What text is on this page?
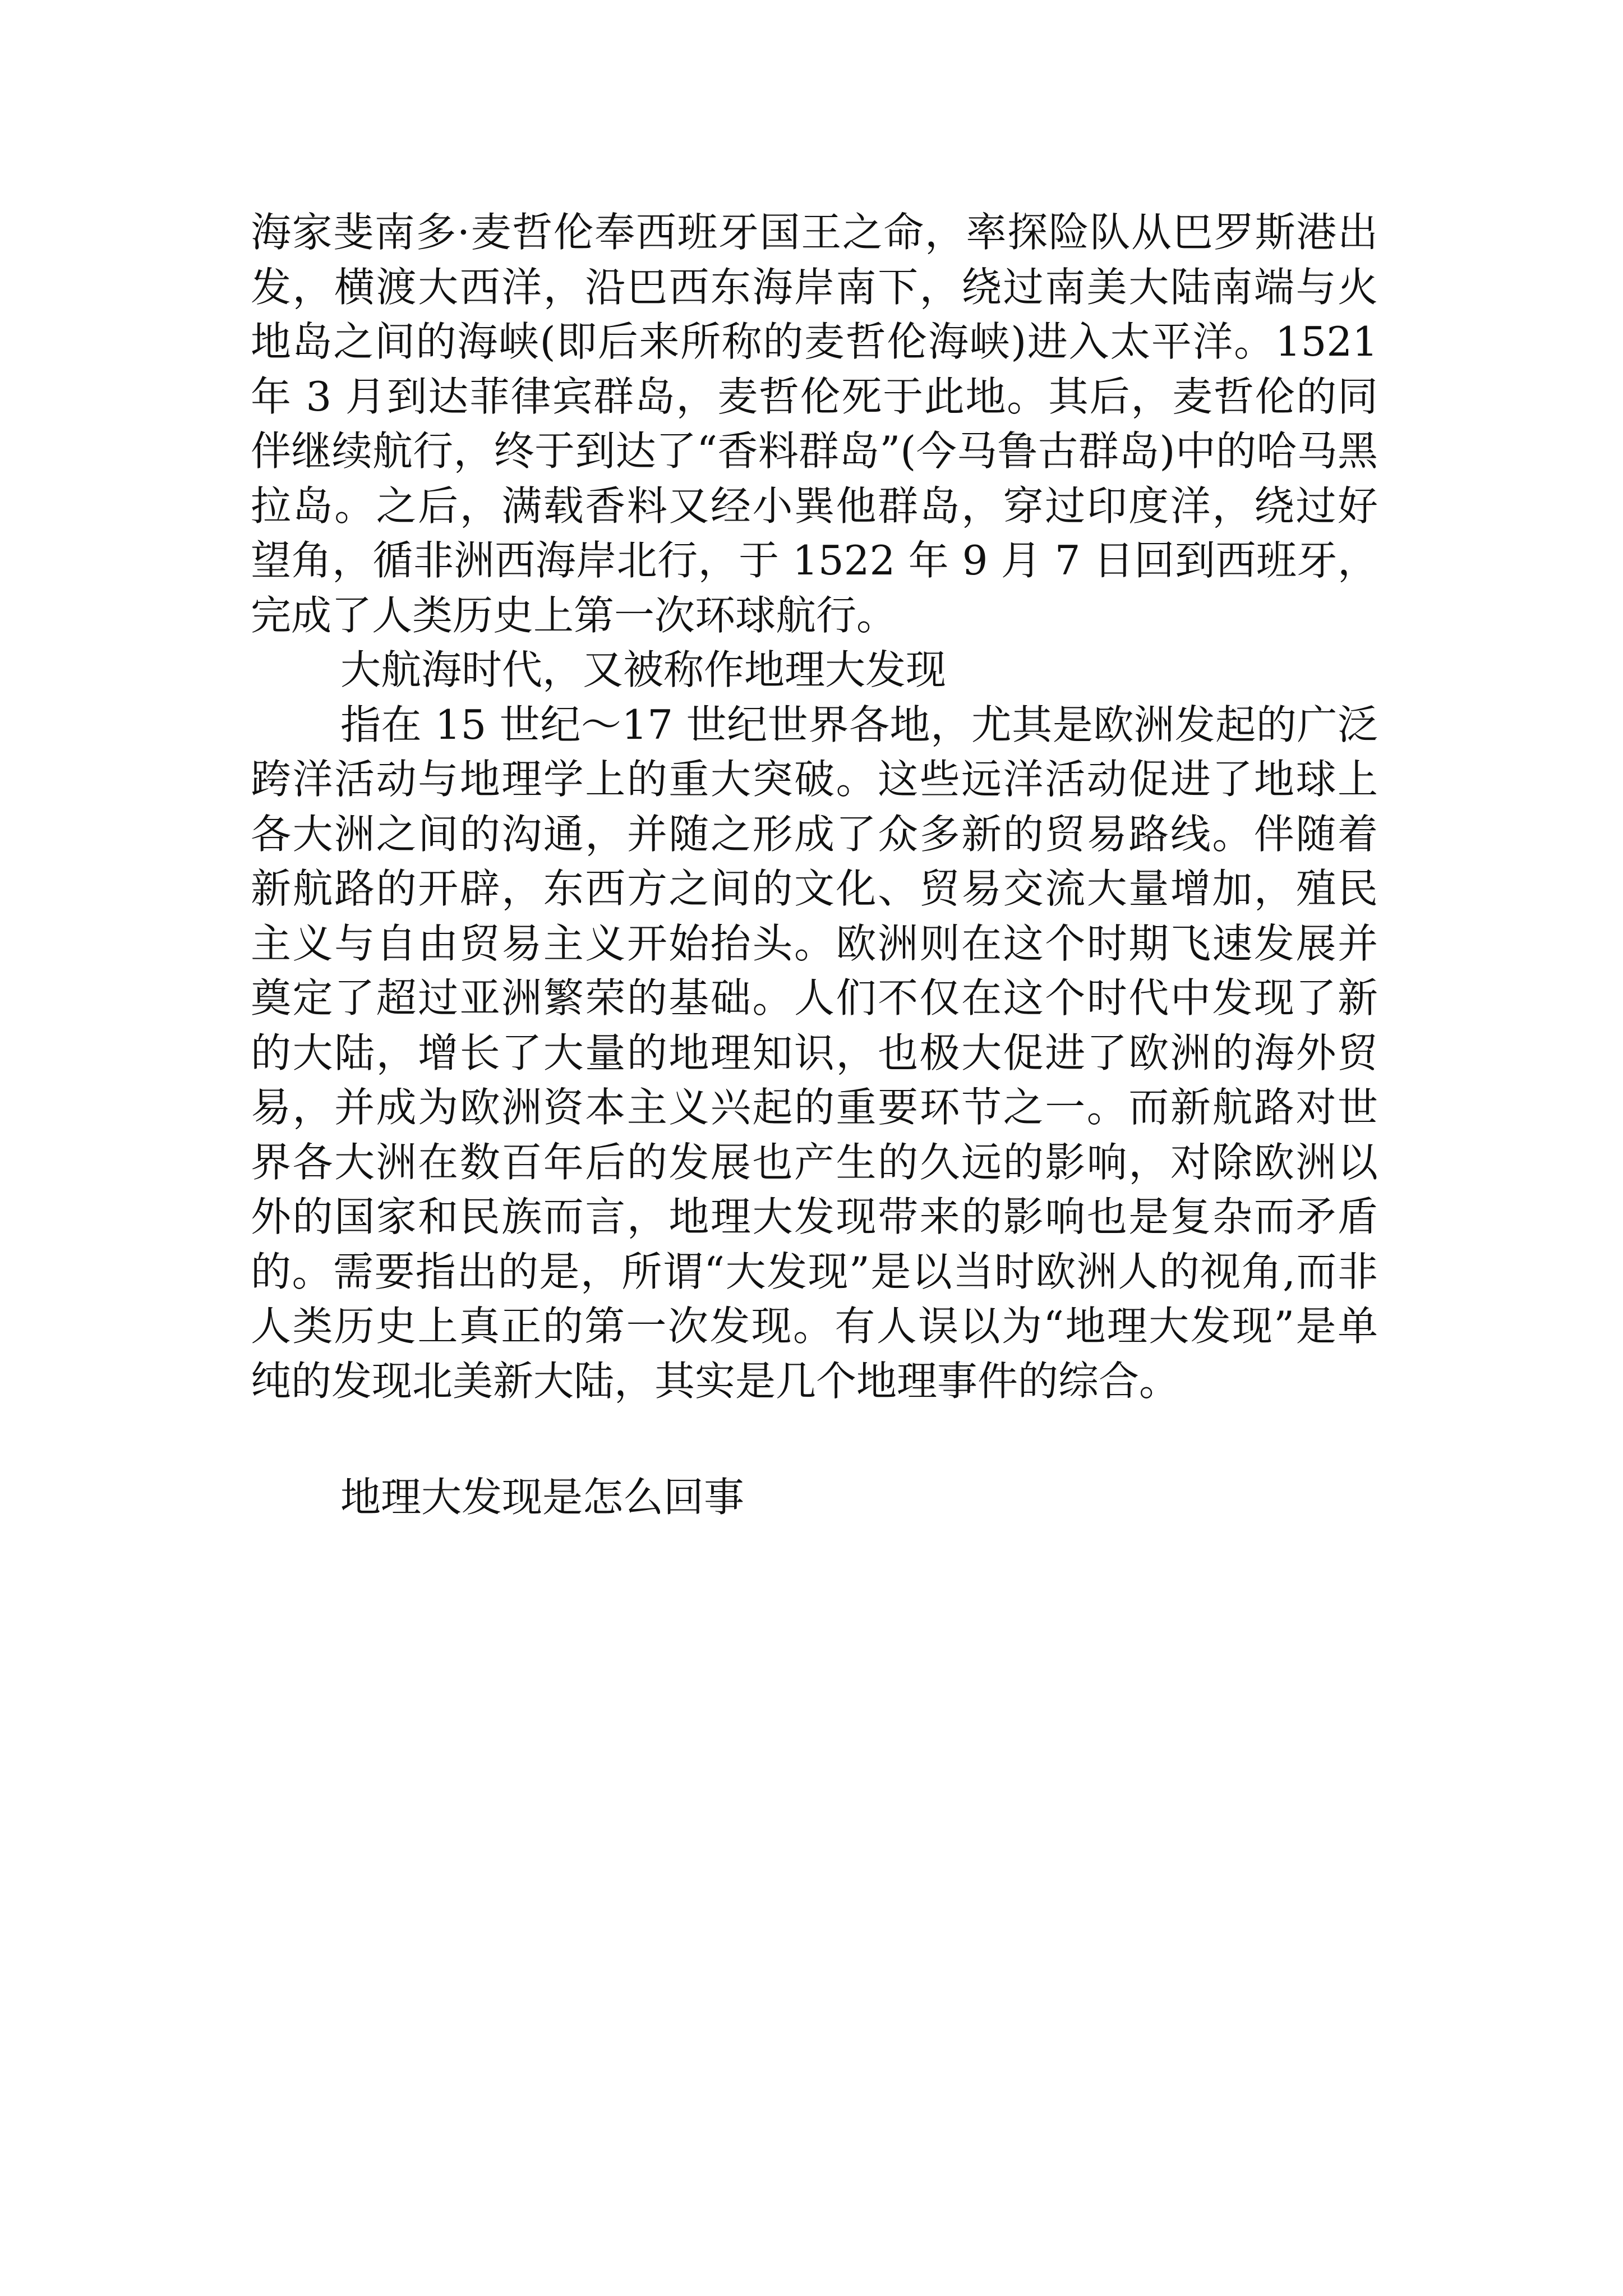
海家斐南多·麦哲伦奉西班牙国王之命，率探险队从巴罗斯港出发，横渡大西洋，沿巴西东海岸南下，绕过南美大陆南端与火地岛之间的海峡(即后来所称的麦哲伦海峡)进入太平洋。1521 年 3 月到达菲律宾群岛，麦哲伦死于此地。其后，麦哲伦的同伴继续航行，终于到达了“香料群岛”(今马鲁古群岛)中的哈马黑拉岛。之后，满载香料又经小巽他群岛，穿过印度洋，绕过好望角，循非洲西海岸北行，于 1522 年 9 月 7 日回到西班牙，完成了人类历史上第一次环球航行。

大航海时代，又被称作地理大发现

指在 15 世纪～17 世纪世界各地，尤其是欧洲发起的广泛跨洋活动与地理学上的重大突破。这些远洋活动促进了地球上各大洲之间的沟通，并随之形成了众多新的贸易路线。伴随着新航路的开辟，东西方之间的文化、贸易交流大量增加，殖民主义与自由贸易主义开始抬头。欧洲则在这个时期飞速发展并奠定了超过亚洲繁荣的基础。人们不仅在这个时代中发现了新的大陆，增长了大量的地理知识，也极大促进了欧洲的海外贸易，并成为欧洲资本主义兴起的重要环节之一。而新航路对世界各大洲在数百年后的发展也产生的久远的影响，对除欧洲以外的国家和民族而言，地理大发现带来的影响也是复杂而矛盾的。需要指出的是，所谓“大发现”是以当时欧洲人的视角,而非人类历史上真正的第一次发现。有人误以为“地理大发现”是单纯的发现北美新大陆，其实是几个地理事件的综合。

地理大发现是怎么回事
